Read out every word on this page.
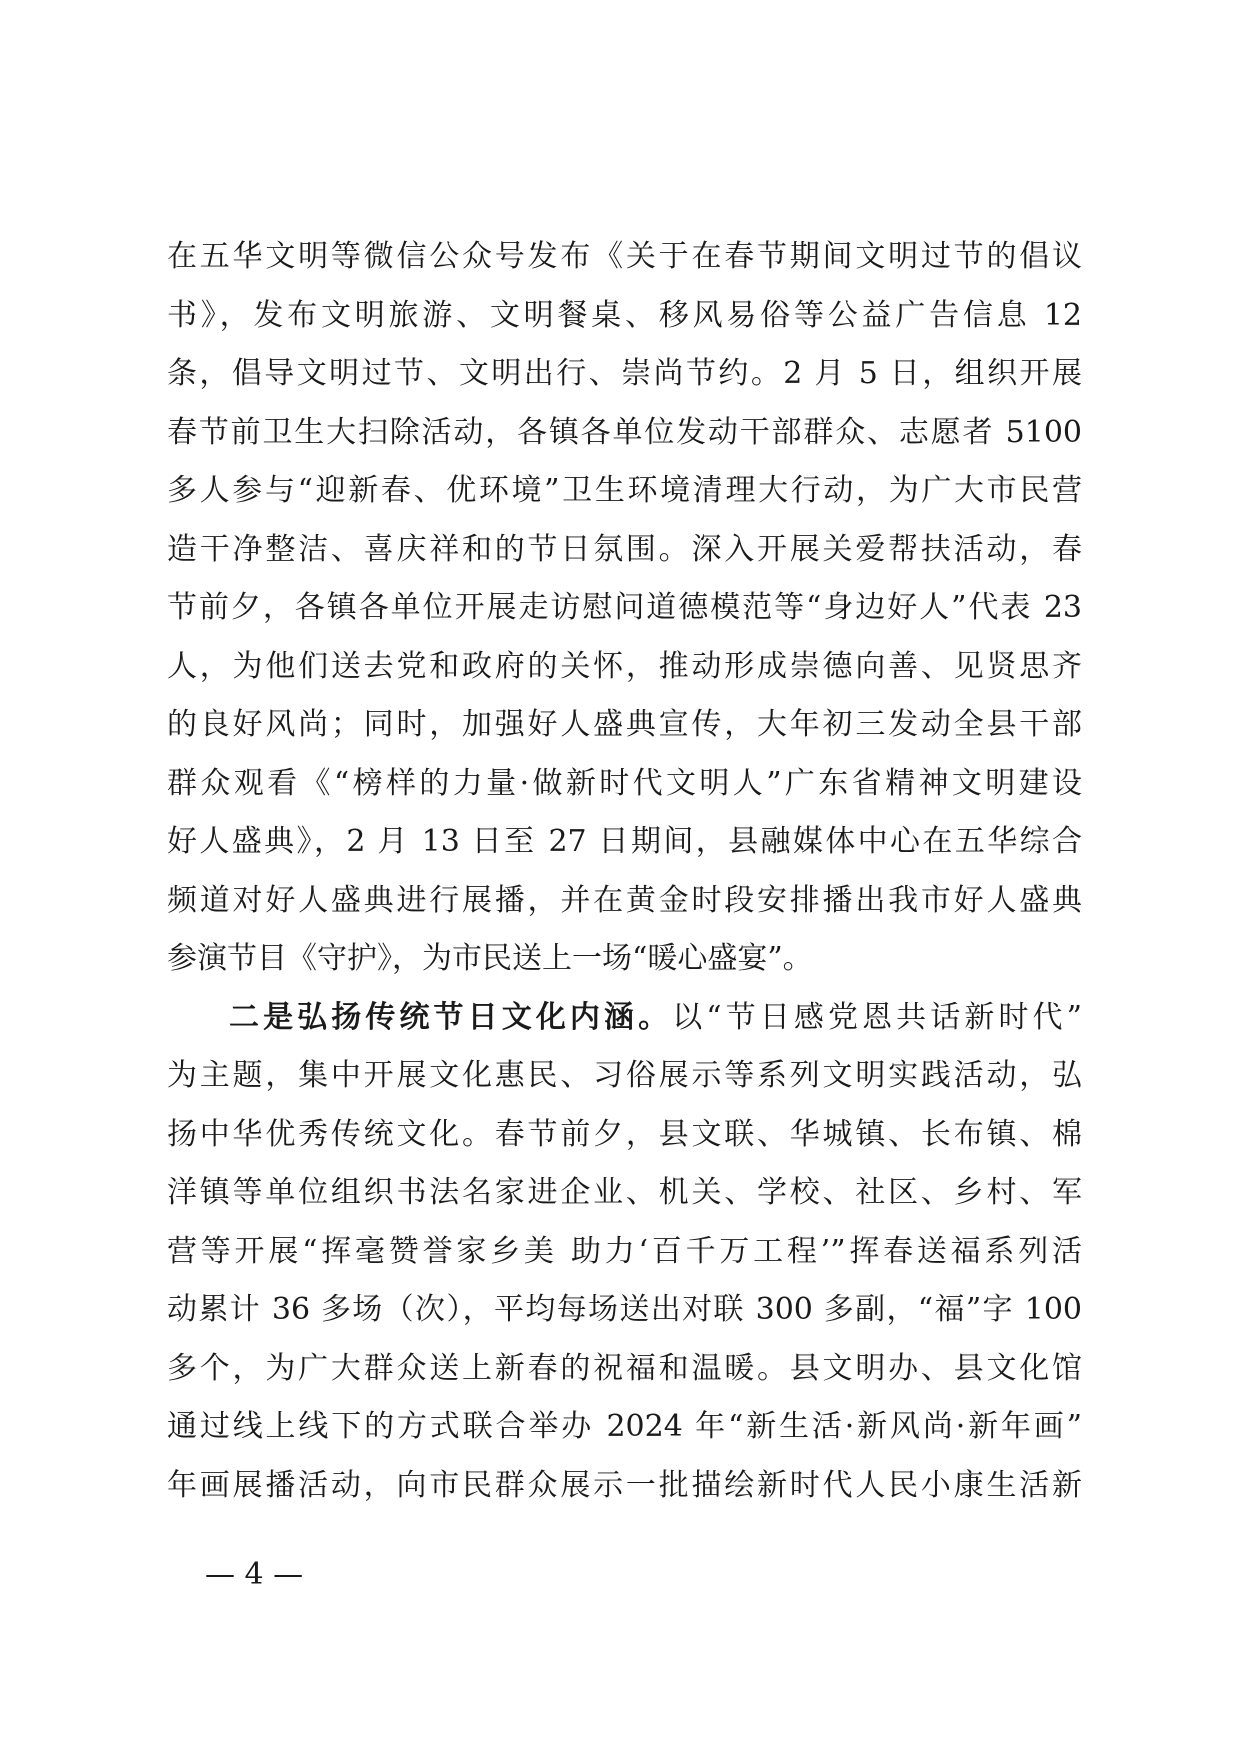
在五华文明等微信公众号发布《关于在春节期间文明过节的倡议
书》，发布文明旅游、文明餐桌、移风易俗等公益广告信息 12
条，倡导文明过节、文明出行、崇尚节约。2 月 5 日，组织开展
春节前卫生大扫除活动，各镇各单位发动干部群众、志愿者 5100
多人参与“迎新春、优环境”卫生环境清理大行动，为广大市民营
造干净整洁、喜庆祥和的节日氛围。深入开展关爱帮扶活动，春
节前夕，各镇各单位开展走访慰问道德模范等“身边好人”代表 23
人，为他们送去党和政府的关怀，推动形成崇德向善、见贤思齐
的良好风尚；同时，加强好人盛典宣传，大年初三发动全县干部
群众观看《“榜样的力量·做新时代文明人”广东省精神文明建设
好人盛典》，2 月 13 日至 27 日期间，县融媒体中心在五华综合
频道对好人盛典进行展播，并在黄金时段安排播出我市好人盛典
参演节目《守护》，为市民送上一场“暖心盛宴”。
二是弘扬传统节日文化内涵。以“节日感党恩共话新时代”
为主题，集中开展文化惠民、习俗展示等系列文明实践活动，弘
扬中华优秀传统文化。春节前夕，县文联、华城镇、长布镇、棉
洋镇等单位组织书法名家进企业、机关、学校、社区、乡村、军
营等开展“挥毫赞誉家乡美 助力‘百千万工程’”挥春送福系列活
动累计 36 多场（次），平均每场送出对联 300 多副，“福”字 100
多个，为广大群众送上新春的祝福和温暖。县文明办、县文化馆
通过线上线下的方式联合举办 2024 年“新生活·新风尚·新年画”
年画展播活动，向市民群众展示一批描绘新时代人民小康生活新
— 4 —
